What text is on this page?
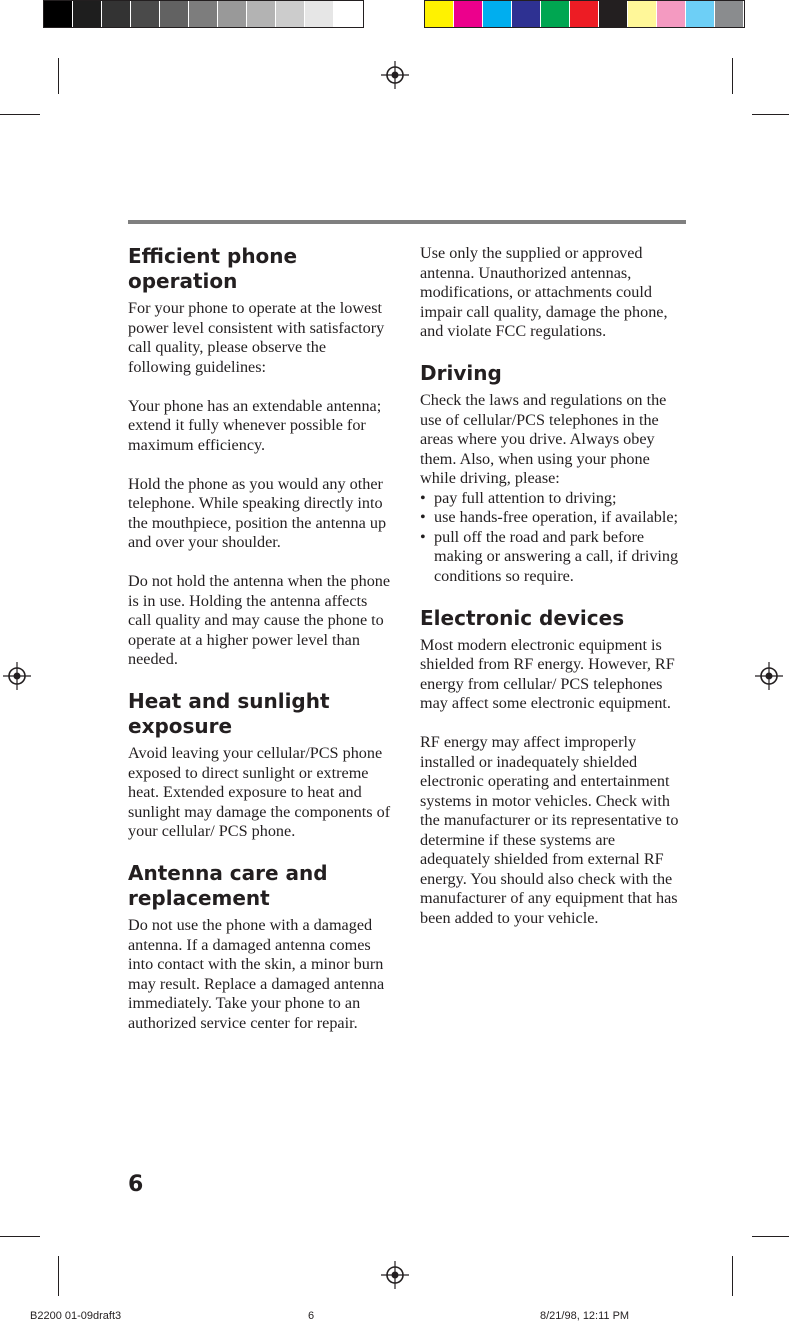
Efficient phone operation

For your phone to operate at the lowest power level consistent with satisfactory call quality, please observe the following guidelines:

Your phone has an extendable antenna; extend it fully whenever possible for maximum efficiency.

Hold the phone as you would any other telephone. While speaking directly into the mouthpiece, position the antenna up and over your shoulder.

Do not hold the antenna when the phone is in use. Holding the antenna affects call quality and may cause the phone to operate at a higher power level than needed.

Heat and sunlight exposure

Avoid leaving your cellular/PCS phone exposed to direct sunlight or extreme heat. Extended exposure to heat and sunlight may damage the components of your cellular/ PCS phone.

Antenna care and replacement

Do not use the phone with a damaged antenna. If a damaged antenna comes into contact with the skin, a minor burn may result. Replace a damaged antenna immediately. Take your phone to an authorized service center for repair.

Use only the supplied or approved antenna. Unauthorized antennas, modifications, or attachments could impair call quality, damage the phone, and violate FCC regulations.

Driving

Check the laws and regulations on the use of cellular/PCS telephones in the areas where you drive. Always obey them. Also, when using your phone while driving, please:

• pay full attention to driving;
• use hands-free operation, if available;
• pull off the road and park before making or answering a call, if driving conditions so require.
Electronic devices

Most modern electronic equipment is shielded from RF energy. However, RF energy from cellular/ PCS telephones may affect some electronic equipment.

RF energy may affect improperly installed or inadequately shielded electronic operating and entertainment systems in motor vehicles. Check with the manufacturer or its representative to determine if these systems are adequately shielded from external RF energy. You should also check with the manufacturer of any equipment that has been added to your vehicle.

6
B2200 01-09draft3	6	8/21/98, 12:11 PM
